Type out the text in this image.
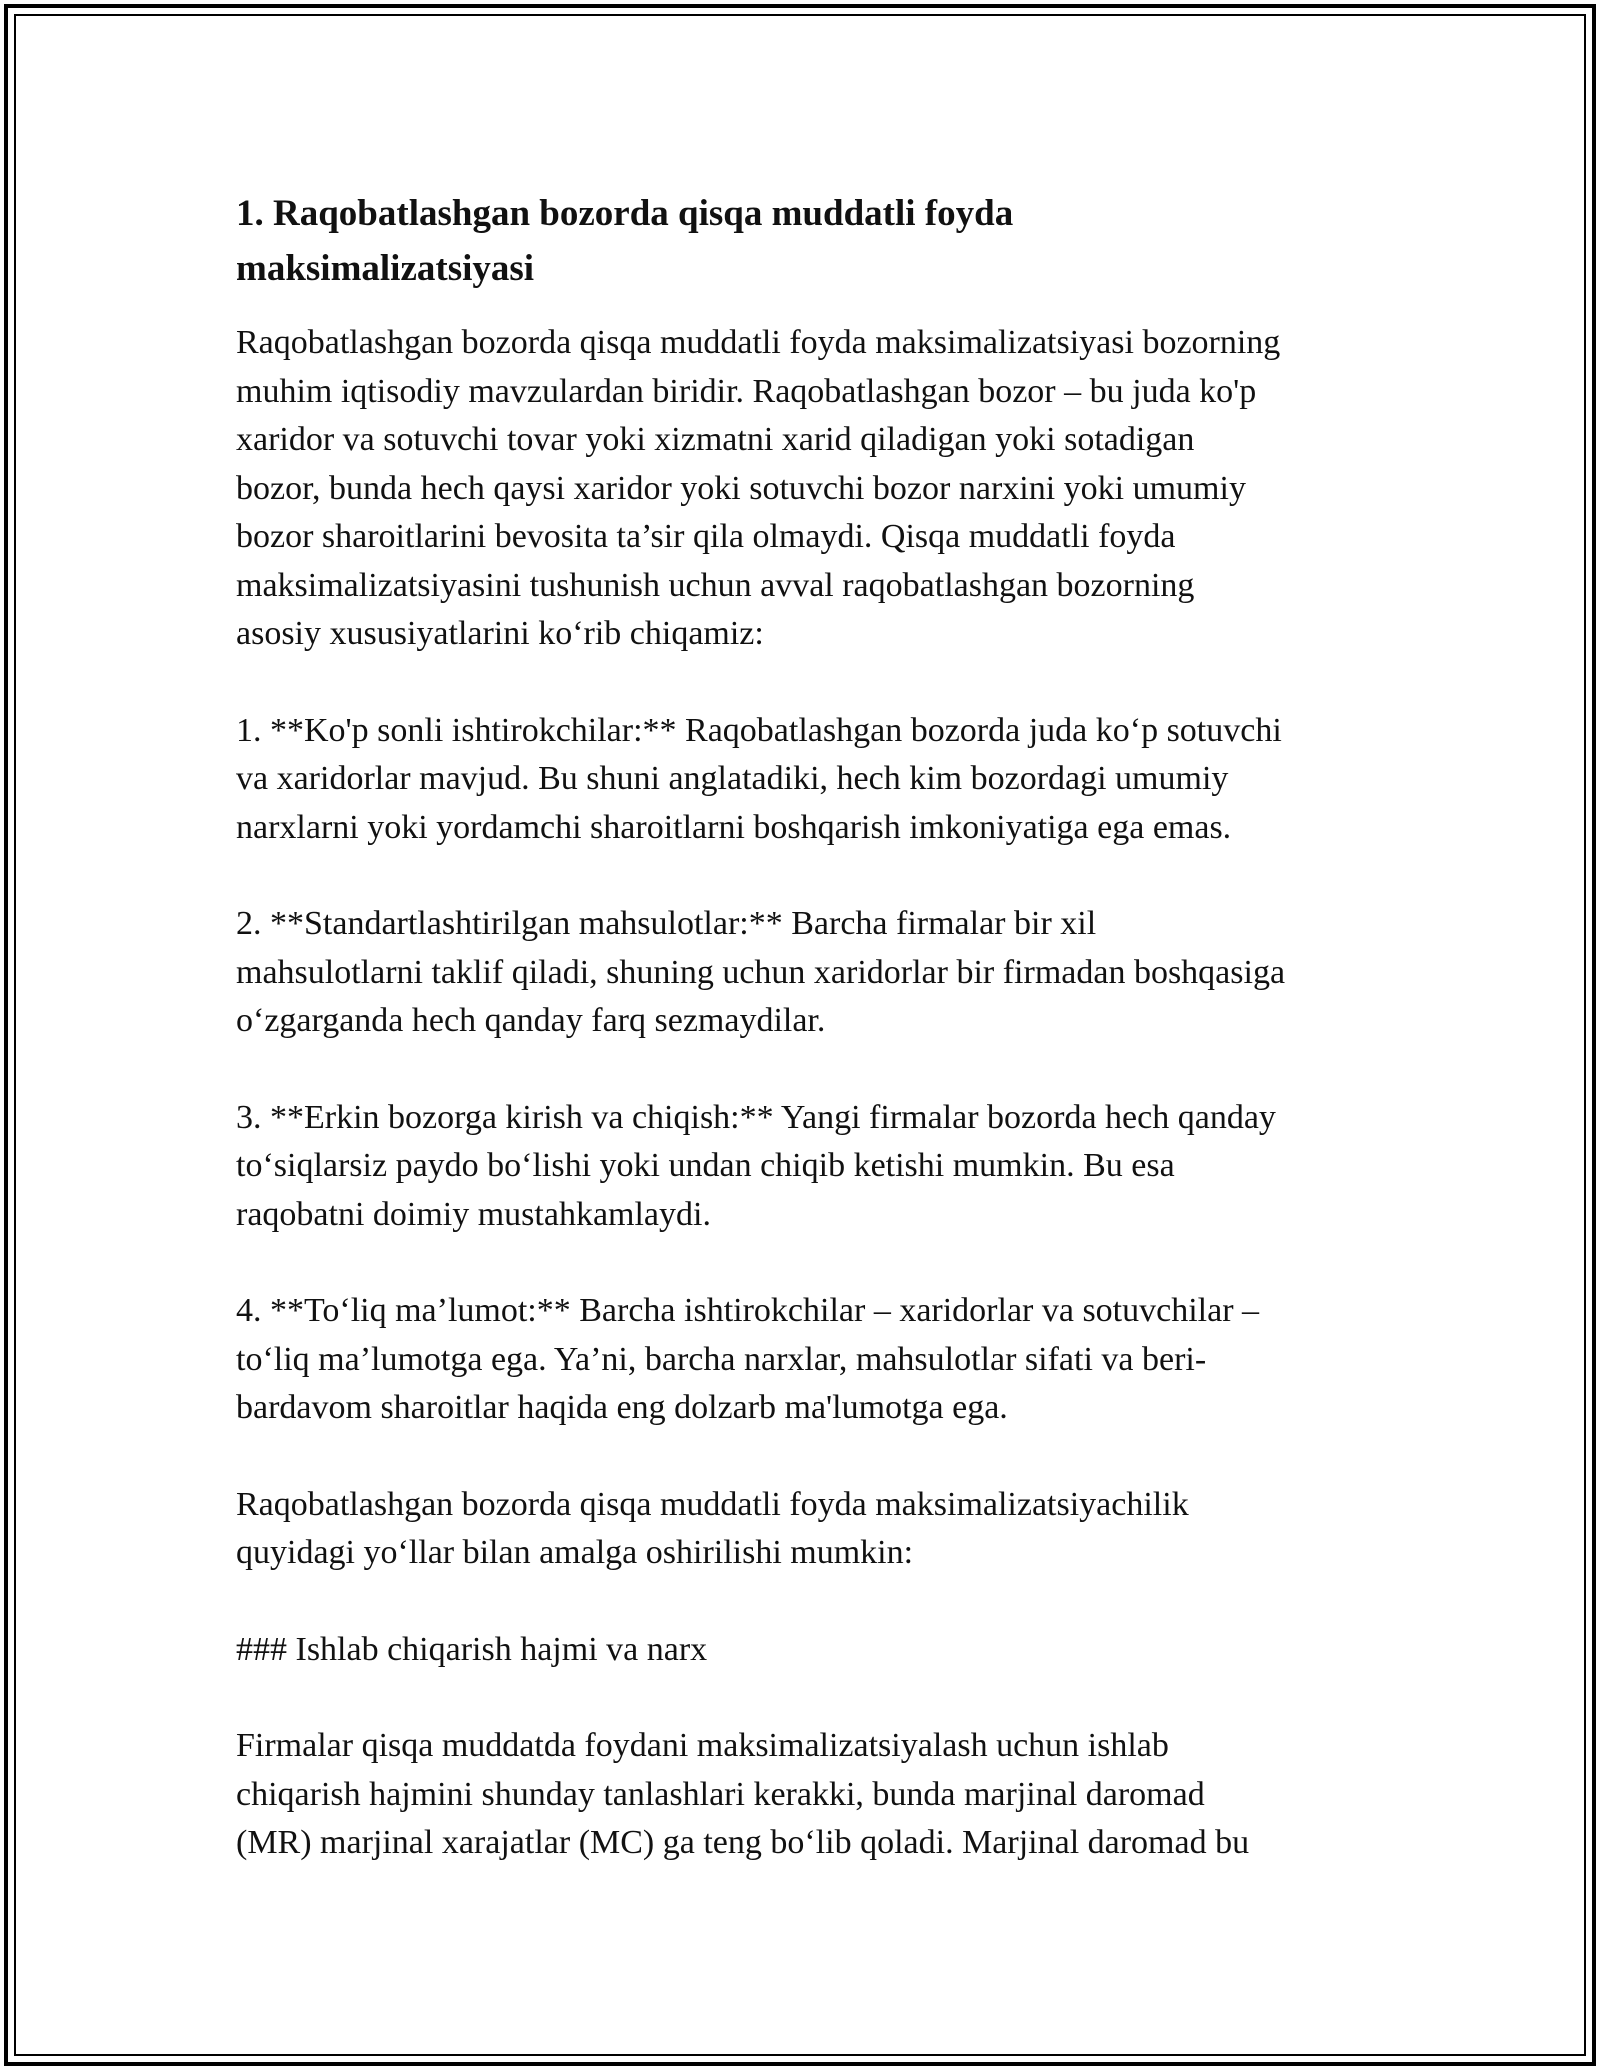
1. Raqobatlashgan bozorda qisqa muddatli foyda
maksimalizatsiyasi

Raqobatlashgan bozorda qisqa muddatli foyda maksimalizatsiyasi bozorning
muhim iqtisodiy mavzulardan biridir. Raqobatlashgan bozor – bu juda ko'p
xaridor va sotuvchi tovar yoki xizmatni xarid qiladigan yoki sotadigan
bozor, bunda hech qaysi xaridor yoki sotuvchi bozor narxini yoki umumiy
bozor sharoitlarini bevosita ta’sir qila olmaydi. Qisqa muddatli foyda
maksimalizatsiyasini tushunish uchun avval raqobatlashgan bozorning
asosiy xususiyatlarini ko‘rib chiqamiz:

1. **Ko'p sonli ishtirokchilar:** Raqobatlashgan bozorda juda ko‘p sotuvchi
va xaridorlar mavjud. Bu shuni anglatadiki, hech kim bozordagi umumiy
narxlarni yoki yordamchi sharoitlarni boshqarish imkoniyatiga ega emas.

2. **Standartlashtirilgan mahsulotlar:** Barcha firmalar bir xil
mahsulotlarni taklif qiladi, shuning uchun xaridorlar bir firmadan boshqasiga
o‘zgarganda hech qanday farq sezmaydilar.

3. **Erkin bozorga kirish va chiqish:** Yangi firmalar bozorda hech qanday
to‘siqlarsiz paydo bo‘lishi yoki undan chiqib ketishi mumkin. Bu esa
raqobatni doimiy mustahkamlaydi.

4. **To‘liq ma’lumot:** Barcha ishtirokchilar – xaridorlar va sotuvchilar –
to‘liq ma’lumotga ega. Ya’ni, barcha narxlar, mahsulotlar sifati va beri-
bardavom sharoitlar haqida eng dolzarb ma'lumotga ega.

Raqobatlashgan bozorda qisqa muddatli foyda maksimalizatsiyachilik
quyidagi yo‘llar bilan amalga oshirilishi mumkin:

### Ishlab chiqarish hajmi va narx

Firmalar qisqa muddatda foydani maksimalizatsiyalash uchun ishlab
chiqarish hajmini shunday tanlashlari kerakki, bunda marjinal daromad
(MR) marjinal xarajatlar (MC) ga teng bo‘lib qoladi. Marjinal daromad bu
